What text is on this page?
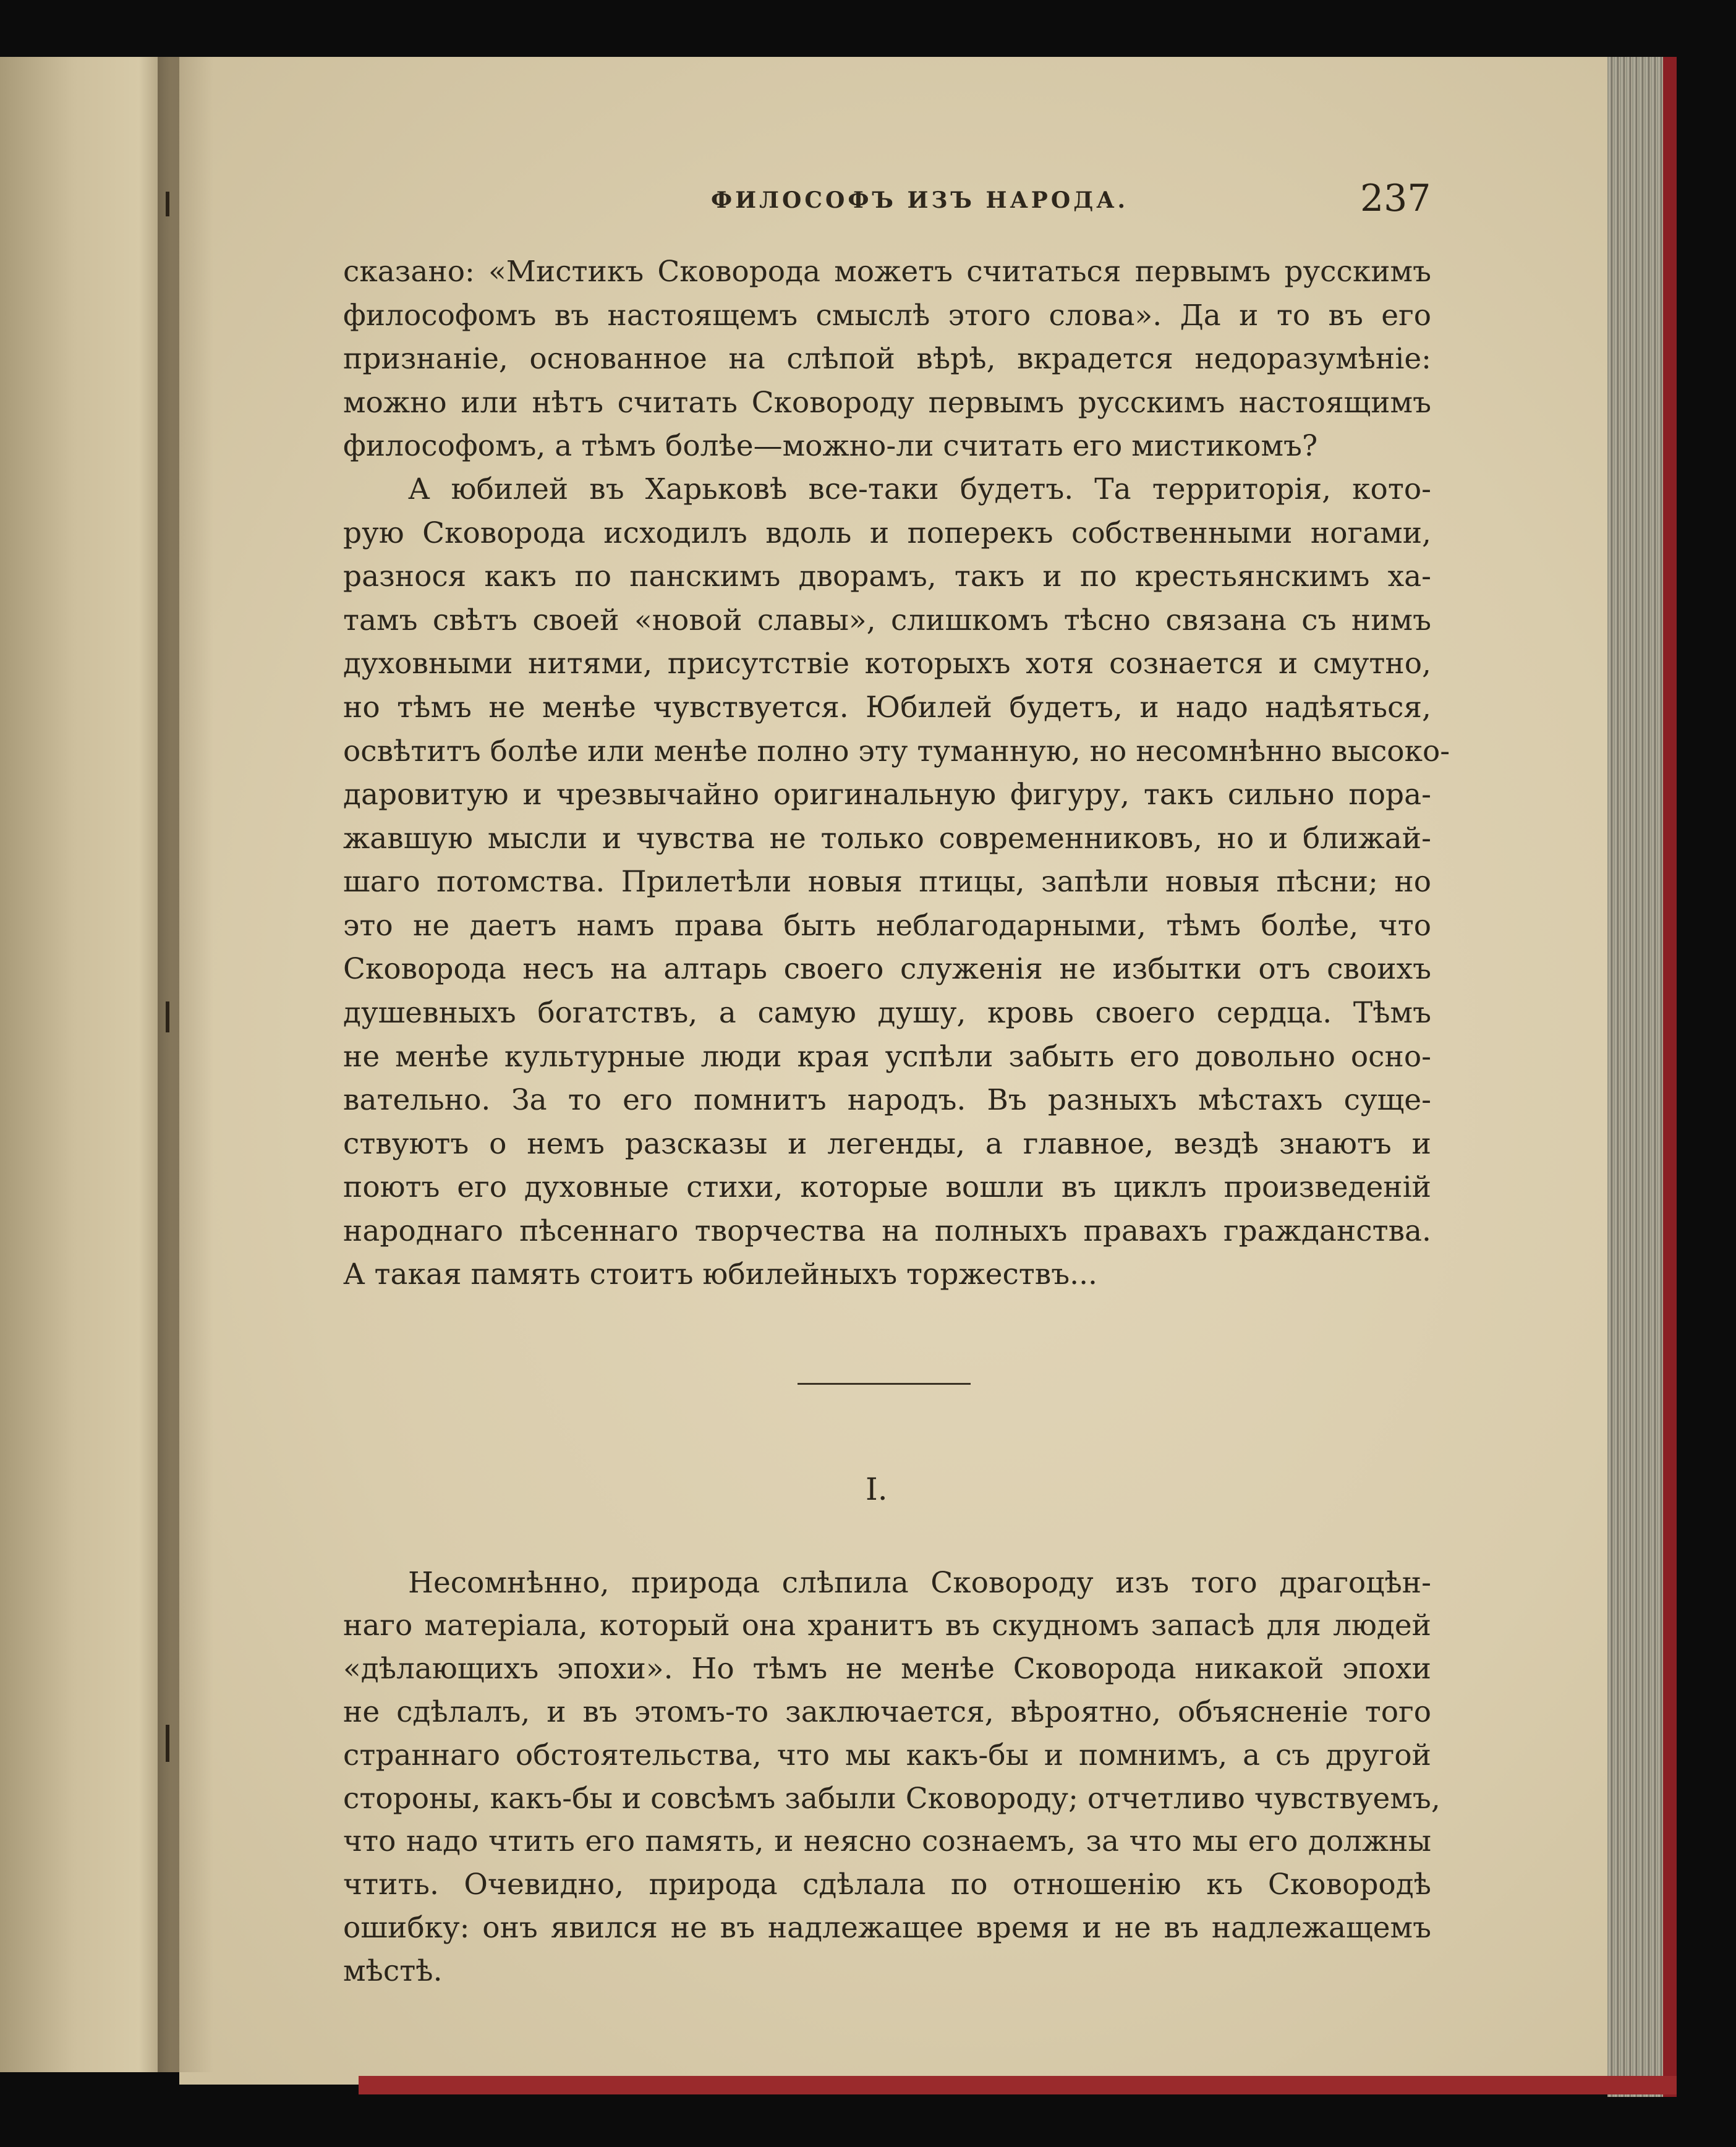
ФИЛОСОФЪ ИЗЪ НАРОДА.	237
сказано: «Мистикъ Сковорода можетъ считаться первымъ русскимъ
философомъ въ настоящемъ смыслѣ этого слова». Да и то въ его
признаніе, основанное на слѣпой вѣрѣ, вкрадется недоразумѣніе:
можно или нѣтъ считать Сковороду первымъ русскимъ настоящимъ
философомъ, а тѣмъ болѣе—можно-ли считать его мистикомъ?
А юбилей въ Харьковѣ все-таки будетъ. Та территорія, кото-
рую Сковорода исходилъ вдоль и поперекъ собственными ногами,
разнося какъ по панскимъ дворамъ, такъ и по крестьянскимъ ха-
тамъ свѣтъ своей «новой славы», слишкомъ тѣсно связана съ нимъ
духовными нитями, присутствіе которыхъ хотя сознается и смутно,
но тѣмъ не менѣе чувствуется. Юбилей будетъ, и надо надѣяться,
освѣтитъ болѣе или менѣе полно эту туманную, но несомнѣнно высоко-
даровитую и чрезвычайно оригинальную фигуру, такъ сильно пора-
жавшую мысли и чувства не только современниковъ, но и ближай-
шаго потомства. Прилетѣли новыя птицы, запѣли новыя пѣсни; но
это не даетъ намъ права быть неблагодарными, тѣмъ болѣе, что
Сковорода несъ на алтарь своего служенія не избытки отъ своихъ
душевныхъ богатствъ, а самую душу, кровь своего сердца. Тѣмъ
не менѣе культурные люди края успѣли забыть его довольно осно-
вательно. За то его помнитъ народъ. Въ разныхъ мѣстахъ суще-
ствуютъ о немъ разсказы и легенды, а главное, вездѣ знаютъ и
поютъ его духовные стихи, которые вошли въ циклъ произведеній
народнаго пѣсеннаго творчества на полныхъ правахъ гражданства.
А такая память стоитъ юбилейныхъ торжествъ...
I.
Несомнѣнно, природа слѣпила Сковороду изъ того драгоцѣн-
наго матеріала, который она хранитъ въ скудномъ запасѣ для людей
«дѣлающихъ эпохи». Но тѣмъ не менѣе Сковорода никакой эпохи
не сдѣлалъ, и въ этомъ-то заключается, вѣроятно, объясненіе того
страннаго обстоятельства, что мы какъ-бы и помнимъ, а съ другой
стороны, какъ-бы и совсѣмъ забыли Сковороду; отчетливо чувствуемъ,
что надо чтить его память, и неясно сознаемъ, за что мы его должны
чтить. Очевидно, природа сдѣлала по отношенію къ Сковородѣ
ошибку: онъ явился не въ надлежащее время и не въ надлежащемъ
мѣстѣ.
